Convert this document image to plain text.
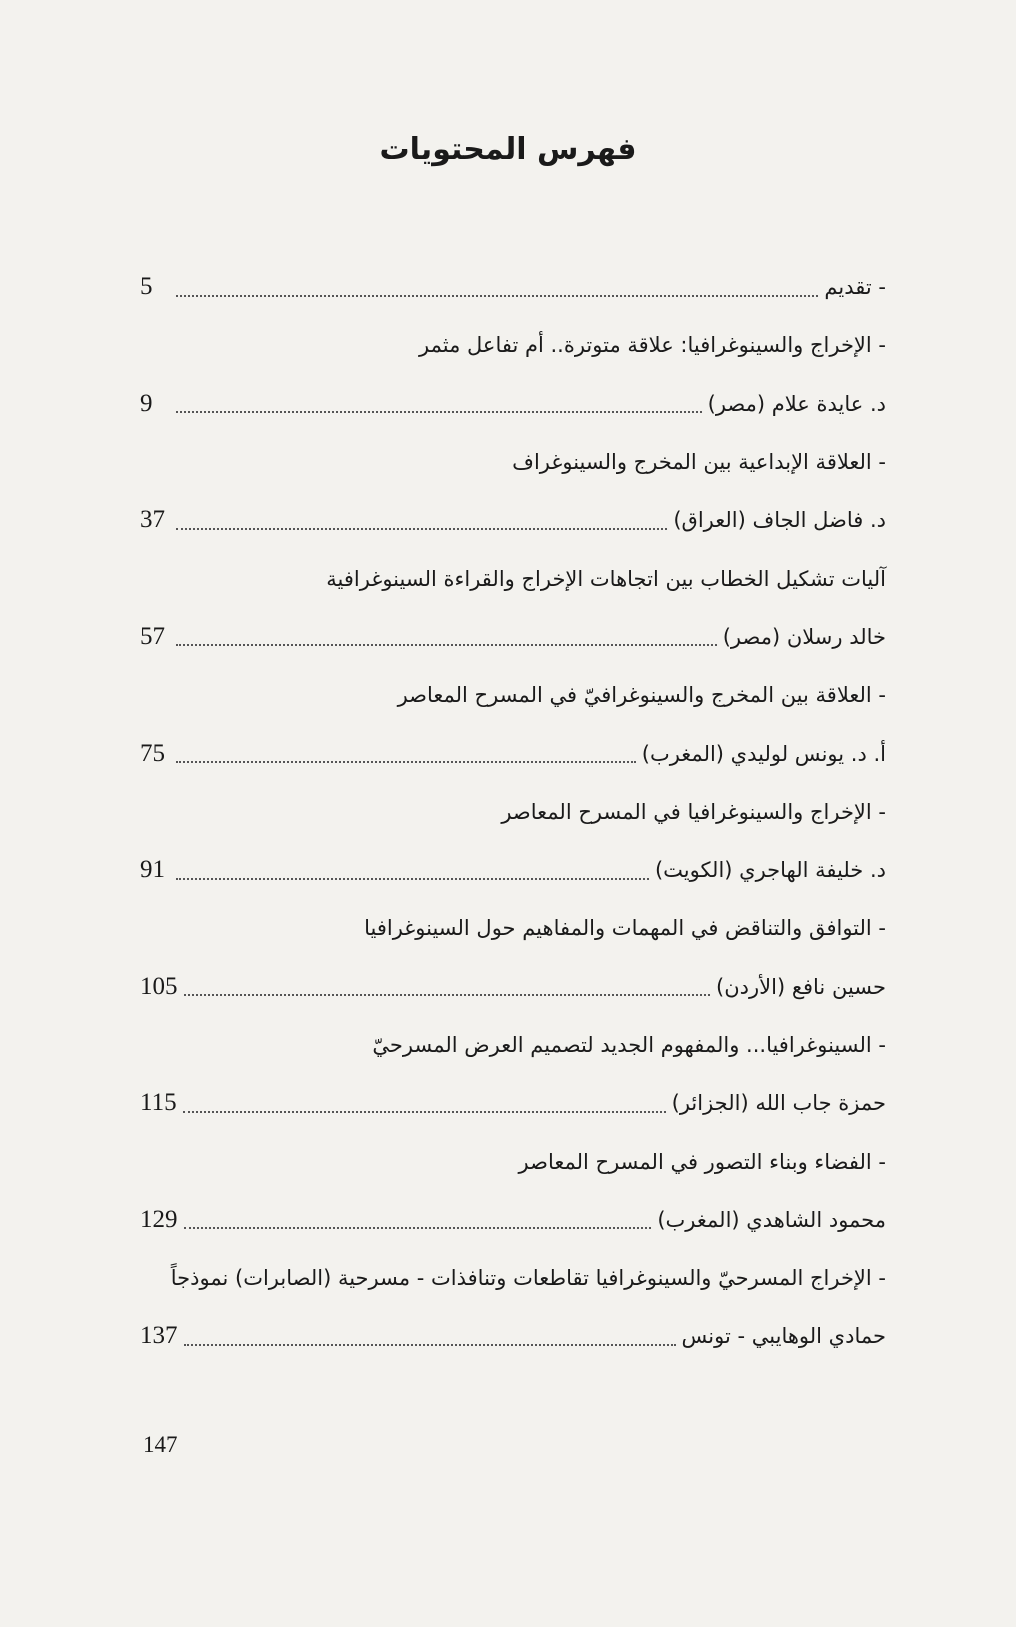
فهرس المحتويات
- تقديم
5
- الإخراج والسينوغرافيا: علاقة متوترة.. أم تفاعل مثمر
د. عايدة علام (مصر)
9
- العلاقة الإبداعية بين المخرج والسينوغراف
د. فاضل الجاف (العراق)
37
آليات تشكيل الخطاب بين اتجاهات الإخراج والقراءة السينوغرافية
خالد رسلان (مصر)
57
- العلاقة بين المخرج والسينوغرافيّ في المسرح المعاصر
أ. د. يونس لوليدي (المغرب)
75
- الإخراج والسينوغرافيا في المسرح المعاصر
د. خليفة الهاجري (الكويت)
91
- التوافق والتناقض في المهمات والمفاهيم حول السينوغرافيا
حسين نافع (الأردن)
105
- السينوغرافيا... والمفهوم الجديد لتصميم العرض المسرحيّ
حمزة جاب الله (الجزائر)
115
- الفضاء وبناء التصور في المسرح المعاصر
محمود الشاهدي (المغرب)
129
- الإخراج المسرحيّ والسينوغرافيا تقاطعات وتنافذات - مسرحية (الصابرات) نموذجاً
حمادي الوهايبي - تونس
137
147
